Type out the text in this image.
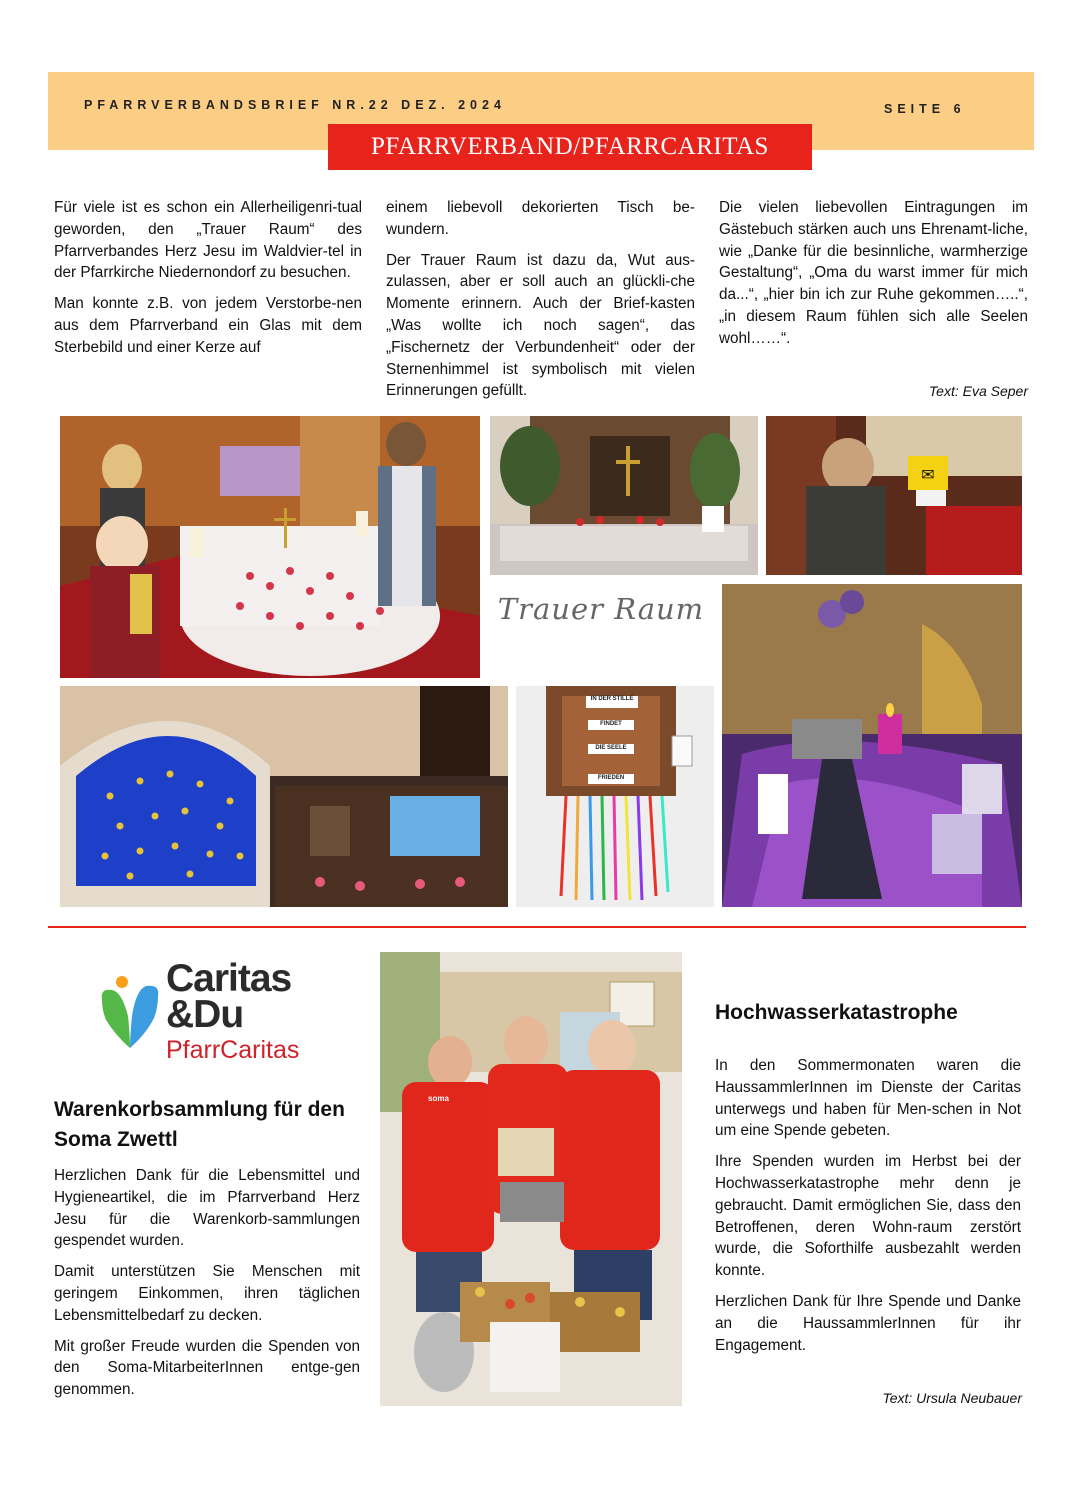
PFARRVERBANDSBRIEF NR.22 DEZ. 2024	SEITE 6
PFARRVERBAND/PFARRCARITAS

Für viele ist es schon ein Allerheiligenri-tual geworden, den „Trauer Raum“ des Pfarrverbandes Herz Jesu im Waldvier-tel in der Pfarrkirche Niedernondorf zu besuchen.

Man konnte z.B. von jedem Verstorbe-nen aus dem Pfarrverband ein Glas mit dem Sterbebild und einer Kerze auf

einem liebevoll dekorierten Tisch be-wundern.

Der Trauer Raum ist dazu da, Wut aus-zulassen, aber er soll auch an glückli-che Momente erinnern. Auch der Brief-kasten „Was wollte ich noch sagen“, das „Fischernetz der Verbundenheit“ oder der Sternenhimmel ist symbolisch mit vielen Erinnerungen gefüllt.

Die vielen liebevollen Eintragungen im Gästebuch stärken auch uns Ehrenamt-liche, wie „Danke für die besinnliche, warmherzige Gestaltung“, „Oma du warst immer für mich da...“, „hier bin ich zur Ruhe gekommen…..“, „in diesem Raum fühlen sich alle Seelen wohl……“.

Text: Eva Seper
✉
Trauer Raum
IN DER STILLE
FINDET
DIE SEELE
FRIEDEN
Caritas
&Du
PfarrCaritas
Warenkorbsammlung für den Soma Zwettl

Herzlichen Dank für die Lebensmittel und Hygieneartikel, die im Pfarrverband Herz Jesu für die Warenkorb-sammlungen gespendet wurden.

Damit unterstützen Sie Menschen mit geringem Einkommen, ihren täglichen Lebensmittelbedarf zu decken.

Mit großer Freude wurden die Spenden von den Soma-MitarbeiterInnen entge-gen genommen.

soma
Hochwasserkatastrophe

In den Sommermonaten waren die HaussammlerInnen im Dienste der Caritas unterwegs und haben für Men-schen in Not um eine Spende gebeten.

Ihre Spenden wurden im Herbst bei der Hochwasserkatastrophe mehr denn je gebraucht. Damit ermöglichen Sie, dass den Betroffenen, deren Wohn-raum zerstört wurde, die Soforthilfe ausbezahlt werden konnte.

Herzlichen Dank für Ihre Spende und Danke an die HaussammlerInnen für ihr Engagement.

Text: Ursula Neubauer
